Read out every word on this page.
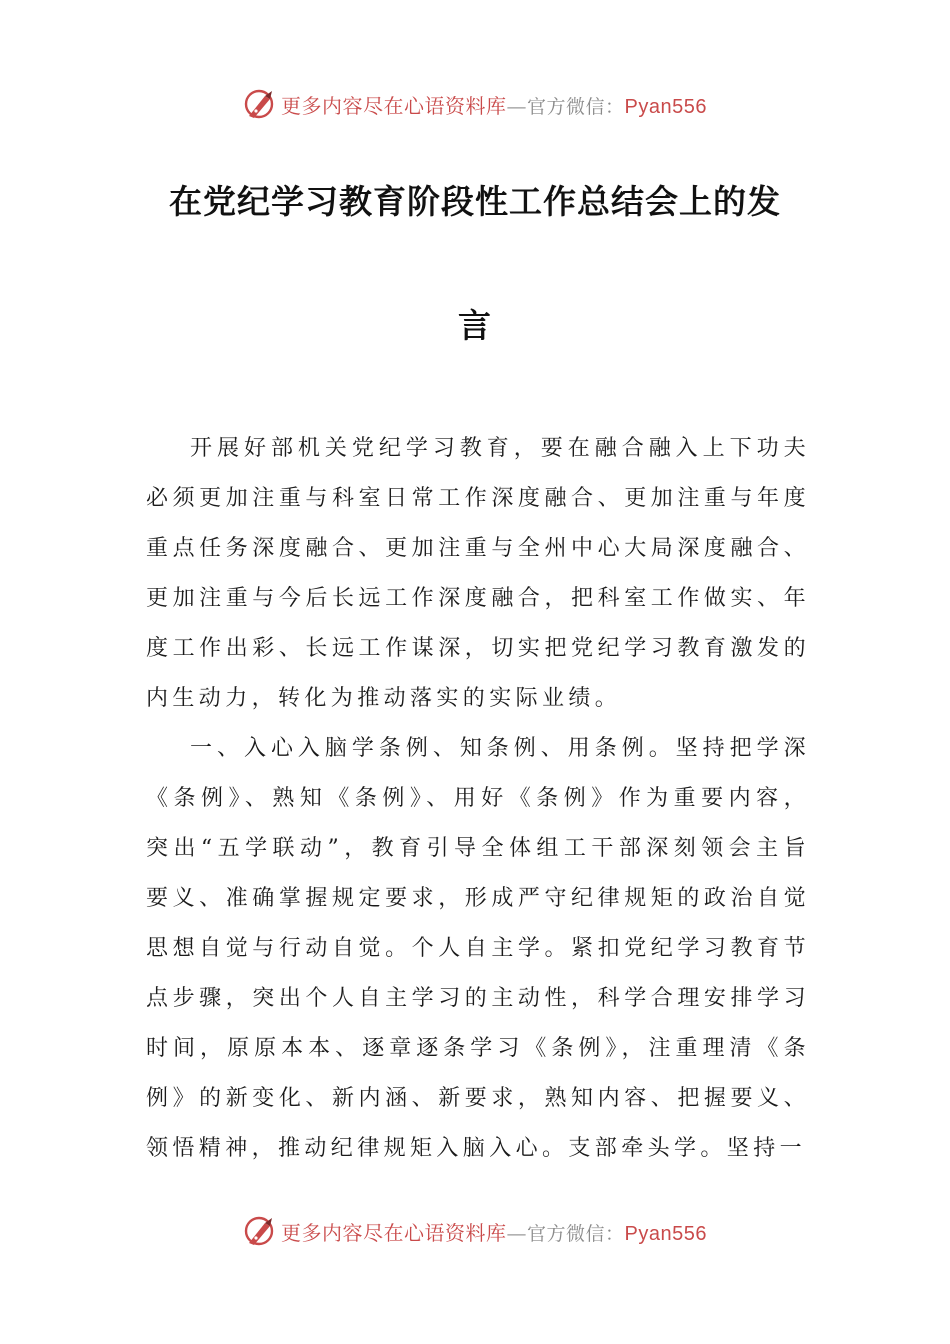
更多内容尽在心语资料库—官方微信：Pyan556
在党纪学习教育阶段性工作总结会上的发
言

开展好部机关党纪学习教育，要在融合融入上下功夫必须更加注重与科室日常工作深度融合、更加注重与年度重点任务深度融合、更加注重与全州中心大局深度融合、更加注重与今后长远工作深度融合，把科室工作做实、年度工作出彩、长远工作谋深，切实把党纪学习教育激发的内生动力，转化为推动落实的实际业绩。

一、入心入脑学条例、知条例、用条例。坚持把学深《条例》、熟知《条例》、用好《条例》作为重要内容，突出“五学联动”，教育引导全体组工干部深刻领会主旨要义、准确掌握规定要求，形成严守纪律规矩的政治自觉思想自觉与行动自觉。个人自主学。紧扣党纪学习教育节点步骤，突出个人自主学习的主动性，科学合理安排学习时间，原原本本、逐章逐条学习《条例》，注重理清《条例》的新变化、新内涵、新要求，熟知内容、把握要义、领悟精神，推动纪律规矩入脑入心。支部牵头学。坚持一

更多内容尽在心语资料库—官方微信：Pyan556
